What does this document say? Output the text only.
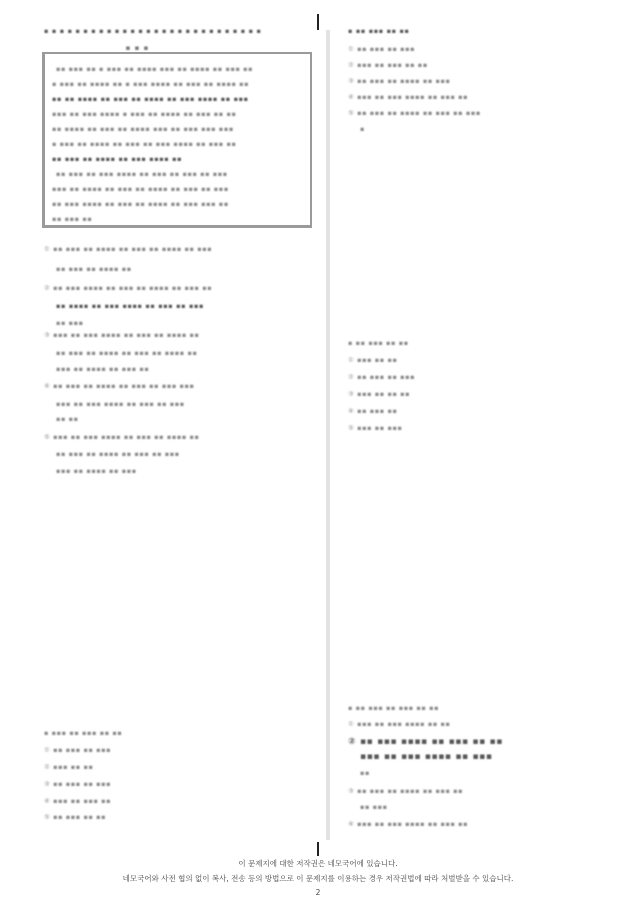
▪ ▪ ▪ ▪ ▪ ▪ ▪ ▪ ▪ ▪ ▪ ▪ ▪ ▪ ▪ ▪ ▪ ▪ ▪ ▪ ▪ ▪ ▪ ▪ ▪ ▪ ▪ ▪
▪ ▪ ▪
▪▪ ▪▪▪ ▪▪ ▪ ▪▪▪ ▪▪ ▪▪▪▪ ▪▪▪ ▪▪ ▪▪▪▪ ▪▪ ▪▪▪ ▪▪
▪ ▪▪▪ ▪▪ ▪▪▪▪ ▪▪ ▪ ▪▪▪ ▪▪▪▪ ▪▪ ▪▪▪ ▪▪ ▪▪▪▪ ▪▪
▪▪ ▪▪ ▪▪▪▪ ▪▪ ▪▪▪ ▪▪ ▪▪▪▪ ▪▪ ▪▪▪ ▪▪▪▪ ▪▪ ▪▪▪
▪▪▪ ▪▪ ▪▪▪ ▪▪▪▪ ▪ ▪▪▪ ▪▪ ▪▪▪▪ ▪▪ ▪▪▪ ▪▪ ▪▪
▪▪ ▪▪▪▪ ▪▪ ▪▪▪ ▪▪ ▪▪▪▪ ▪▪▪ ▪▪ ▪▪▪ ▪▪▪ ▪▪▪
▪ ▪▪▪ ▪▪ ▪▪▪▪ ▪▪ ▪▪▪ ▪▪ ▪▪▪ ▪▪▪▪ ▪▪ ▪▪▪ ▪▪
▪▪ ▪▪▪ ▪▪ ▪▪▪▪ ▪▪ ▪▪▪ ▪▪▪▪ ▪▪
▪▪ ▪▪▪ ▪▪ ▪▪▪ ▪▪▪▪ ▪▪ ▪▪▪ ▪▪ ▪▪▪ ▪▪ ▪▪▪
▪▪▪ ▪▪ ▪▪▪▪ ▪▪ ▪▪▪ ▪▪ ▪▪▪▪ ▪▪ ▪▪▪ ▪▪ ▪▪▪
▪▪ ▪▪▪ ▪▪▪▪ ▪▪ ▪▪▪ ▪▪ ▪▪▪▪ ▪▪ ▪▪▪ ▪▪▪ ▪▪
▪▪ ▪▪▪ ▪▪
① ▪▪ ▪▪▪ ▪▪ ▪▪▪▪ ▪▪ ▪▪▪ ▪▪ ▪▪▪▪ ▪▪ ▪▪▪
▪▪ ▪▪▪ ▪▪ ▪▪▪▪ ▪▪
② ▪▪ ▪▪▪ ▪▪▪▪ ▪▪ ▪▪▪ ▪▪ ▪▪▪▪ ▪▪ ▪▪▪ ▪▪
▪▪ ▪▪▪▪ ▪▪ ▪▪▪ ▪▪▪▪ ▪▪ ▪▪▪ ▪▪ ▪▪▪
▪▪ ▪▪▪
③ ▪▪▪ ▪▪ ▪▪▪ ▪▪▪▪ ▪▪ ▪▪▪ ▪▪ ▪▪▪▪ ▪▪
▪▪ ▪▪▪ ▪▪ ▪▪▪▪ ▪▪ ▪▪▪ ▪▪ ▪▪▪▪ ▪▪
▪▪▪ ▪▪ ▪▪▪▪ ▪▪ ▪▪▪ ▪▪
④ ▪▪ ▪▪▪ ▪▪ ▪▪▪▪ ▪▪ ▪▪▪ ▪▪ ▪▪▪ ▪▪▪
▪▪▪ ▪▪ ▪▪▪ ▪▪▪▪ ▪▪ ▪▪▪ ▪▪ ▪▪▪
▪▪ ▪▪
⑤ ▪▪▪ ▪▪ ▪▪▪ ▪▪▪▪ ▪▪ ▪▪▪ ▪▪ ▪▪▪▪ ▪▪
▪▪ ▪▪▪ ▪▪ ▪▪▪▪ ▪▪ ▪▪▪ ▪▪ ▪▪▪
▪▪▪ ▪▪ ▪▪▪▪ ▪▪ ▪▪▪
▪ ▪▪▪ ▪▪ ▪▪▪ ▪▪ ▪▪
① ▪▪ ▪▪▪ ▪▪ ▪▪▪
② ▪▪▪ ▪▪ ▪▪
③ ▪▪ ▪▪▪ ▪▪ ▪▪▪
④ ▪▪▪ ▪▪ ▪▪▪ ▪▪
⑤ ▪▪ ▪▪▪ ▪▪ ▪▪
▪ ▪▪ ▪▪▪ ▪▪ ▪▪
① ▪▪ ▪▪▪ ▪▪ ▪▪▪
② ▪▪▪ ▪▪ ▪▪▪ ▪▪ ▪▪
③ ▪▪ ▪▪▪ ▪▪ ▪▪▪▪ ▪▪ ▪▪▪
④ ▪▪▪ ▪▪ ▪▪▪ ▪▪▪▪ ▪▪ ▪▪▪ ▪▪
⑤ ▪▪ ▪▪▪ ▪▪ ▪▪▪▪ ▪▪ ▪▪▪ ▪▪ ▪▪▪
▪
▪ ▪▪ ▪▪▪ ▪▪ ▪▪
① ▪▪▪ ▪▪ ▪▪
② ▪▪ ▪▪▪ ▪▪ ▪▪▪
③ ▪▪▪ ▪▪ ▪▪ ▪▪
④ ▪▪ ▪▪▪ ▪▪
⑤ ▪▪▪ ▪▪ ▪▪▪
▪ ▪▪ ▪▪▪ ▪▪ ▪▪▪ ▪▪ ▪▪
① ▪▪▪ ▪▪ ▪▪▪ ▪▪▪▪ ▪▪ ▪▪
② ▪▪ ▪▪▪ ▪▪▪▪ ▪▪ ▪▪▪ ▪▪ ▪▪
▪▪▪ ▪▪ ▪▪▪ ▪▪▪▪ ▪▪ ▪▪▪
▪▪
③ ▪▪ ▪▪▪ ▪▪ ▪▪▪▪ ▪▪ ▪▪▪ ▪▪
▪▪ ▪▪▪
④ ▪▪▪ ▪▪ ▪▪▪ ▪▪▪▪ ▪▪ ▪▪▪ ▪▪
이 문제지에 대한 저작권은 네모국어에 있습니다.
네모국어와 사전 협의 없이 복사, 전송 등의 방법으로 이 문제지를 이용하는 경우 저작권법에 따라 처벌받을 수 있습니다.
2
